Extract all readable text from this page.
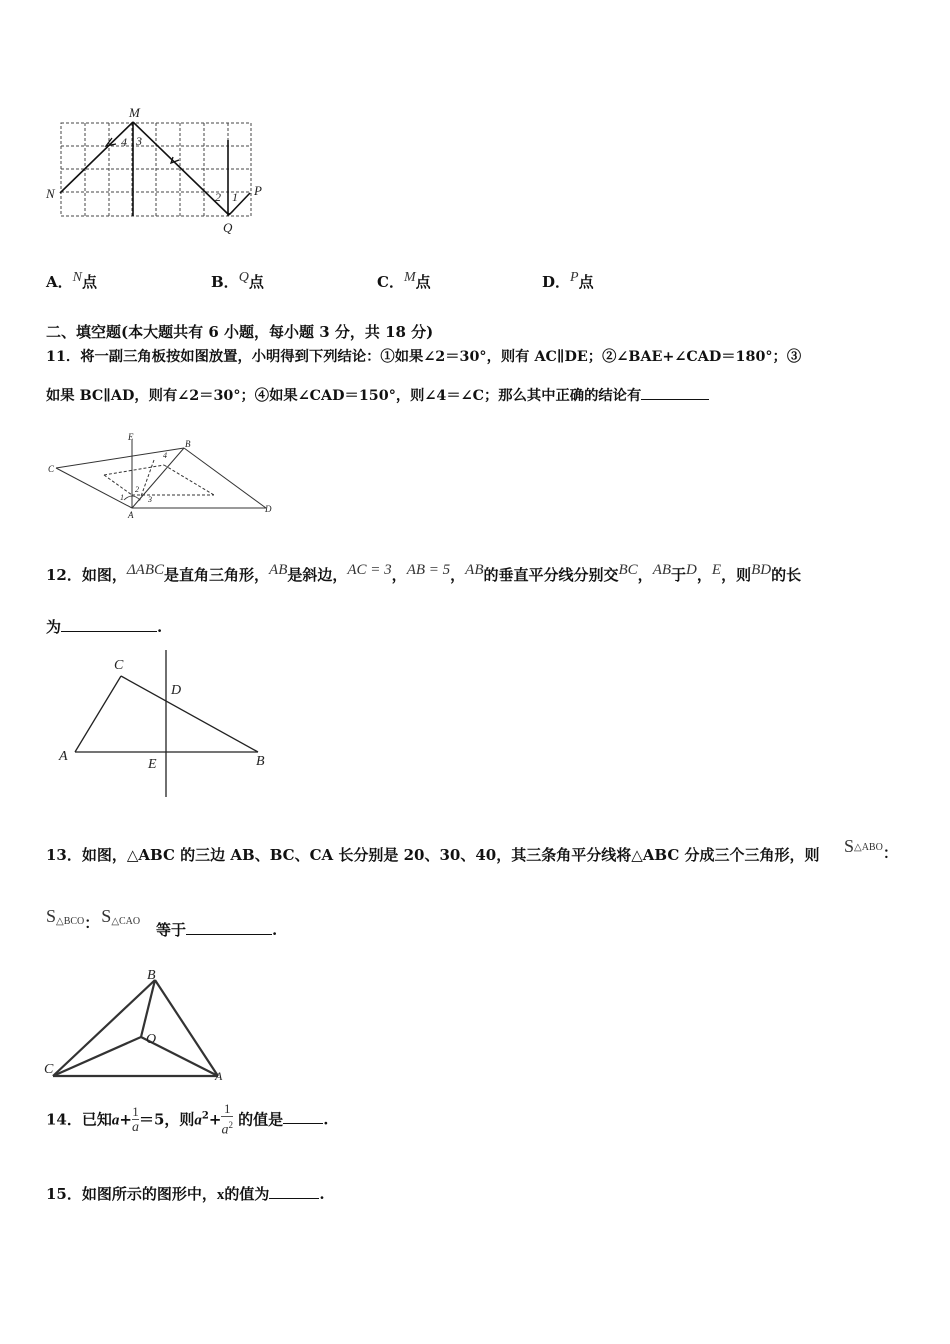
M
N	P
Q
4 3
2 1
A．N点	B．Q点	C．M点	D．P点
二、填空题(本大题共有 6 小题，每小题 3 分，共 18 分)
11．将一副三角板按如图放置，小明得到下列结论：①如果∠2＝30°，则有 AC∥DE；②∠BAE+∠CAD＝180°；③
如果 BC∥AD，则有∠2＝30°；④如果∠CAD＝150°，则∠4＝∠C；那么其中正确的结论有
E
B
C
D
A
4
1
2
3
12．如图，ΔABC是直角三角形，AB是斜边，AC = 3，AB = 5，AB的垂直平分线分别交BC，AB于D，E，则BD的长
为	.
C
D
A
E	B
13．如图，△ABC 的三边 AB、BC、CA 长分别是 20、30、40，其三条角平分线将△ABC 分成三个三角形，则 S△ABO：
S△BCO： S△CAO 等于	.
B
O
C	A
14．已知$a+ \frac{1}{a} =5$，则$a^2+ \frac{1}{a^2}$ 的值是	.
15．如图所示的图形中，x的值为	.
